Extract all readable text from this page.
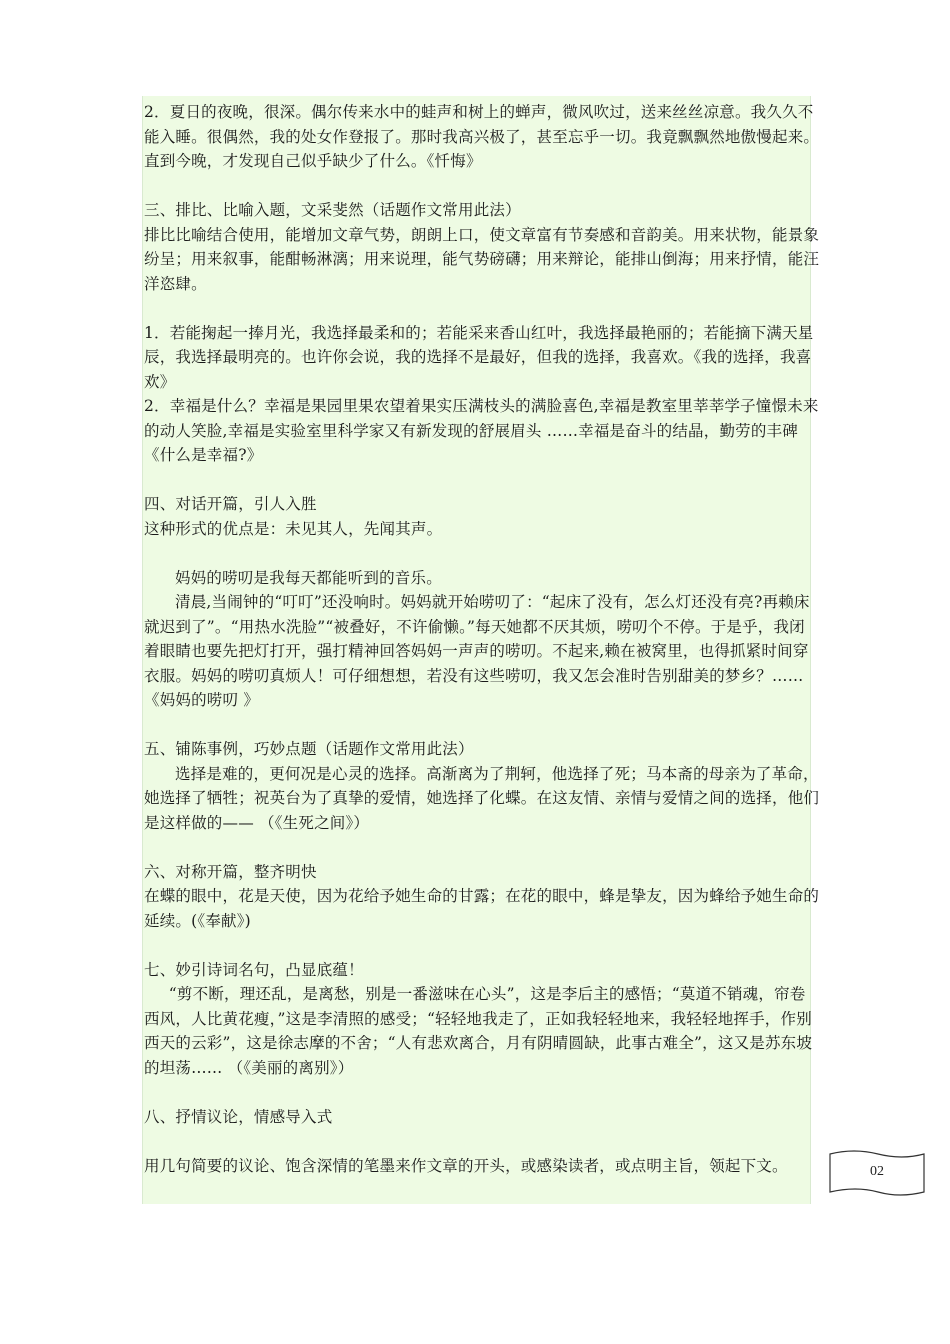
2．夏日的夜晚，很深。偶尔传来水中的蛙声和树上的蝉声，微风吹过，送来丝丝凉意。我久久不能入睡。很偶然，我的处女作登报了。那时我高兴极了，甚至忘乎一切。我竟飘飘然地傲慢起来。直到今晚，才发现自己似乎缺少了什么。《忏悔》

三、排比、比喻入题，文采斐然（话题作文常用此法）

排比比喻结合使用，能增加文章气势，朗朗上口，使文章富有节奏感和音韵美。用来状物，能景象纷呈；用来叙事，能酣畅淋漓；用来说理，能气势磅礴；用来辩论，能排山倒海；用来抒情，能汪洋恣肆。

1．若能掬起一捧月光，我选择最柔和的；若能采来香山红叶，我选择最艳丽的；若能摘下满天星辰，我选择最明亮的。也许你会说，我的选择不是最好，但我的选择，我喜欢。《我的选择，我喜欢》

2．幸福是什么？幸福是果园里果农望着果实压满枝头的满脸喜色,幸福是教室里莘莘学子憧憬未来的动人笑脸,幸福是实验室里科学家又有新发现的舒展眉头 ……幸福是奋斗的结晶，勤劳的丰碑《什么是幸福?》

四、对话开篇，引人入胜

这种形式的优点是：未见其人，先闻其声。

妈妈的唠叨是我每天都能听到的音乐。

清晨,当闹钟的“叮叮”还没响时。妈妈就开始唠叨了：“起床了没有，怎么灯还没有亮?再赖床就迟到了”。“用热水洗脸”“被叠好，不许偷懒。”每天她都不厌其烦，唠叨个不停。于是乎，我闭着眼睛也要先把灯打开，强打精神回答妈妈一声声的唠叨。不起来,赖在被窝里，也得抓紧时间穿衣服。妈妈的唠叨真烦人！可仔细想想，若没有这些唠叨，我又怎会准时告别甜美的梦乡？……《妈妈的唠叨 》

五、铺陈事例，巧妙点题（话题作文常用此法）

选择是难的，更何况是心灵的选择。高渐离为了荆轲，他选择了死；马本斋的母亲为了革命，她选择了牺牲；祝英台为了真挚的爱情，她选择了化蝶。在这友情、亲情与爱情之间的选择，他们是这样做的—— （《生死之间》）

六、对称开篇，整齐明快

在蝶的眼中，花是天使，因为花给予她生命的甘露；在花的眼中，蜂是挚友，因为蜂给予她生命的延续。(《奉献》)

七、妙引诗词名句，凸显底蕴！

“剪不断，理还乱，是离愁，别是一番滋味在心头”，这是李后主的感悟；“莫道不销魂，帘卷西风，人比黄花瘦，”这是李清照的感受；“轻轻地我走了，正如我轻轻地来，我轻轻地挥手，作别西天的云彩”，这是徐志摩的不舍；“人有悲欢离合，月有阴晴圆缺，此事古难全”，这又是苏东坡的坦荡…… （《美丽的离别》）

八、抒情议论，情感导入式

用几句简要的议论、饱含深情的笔墨来作文章的开头，或感染读者，或点明主旨，领起下文。	02
